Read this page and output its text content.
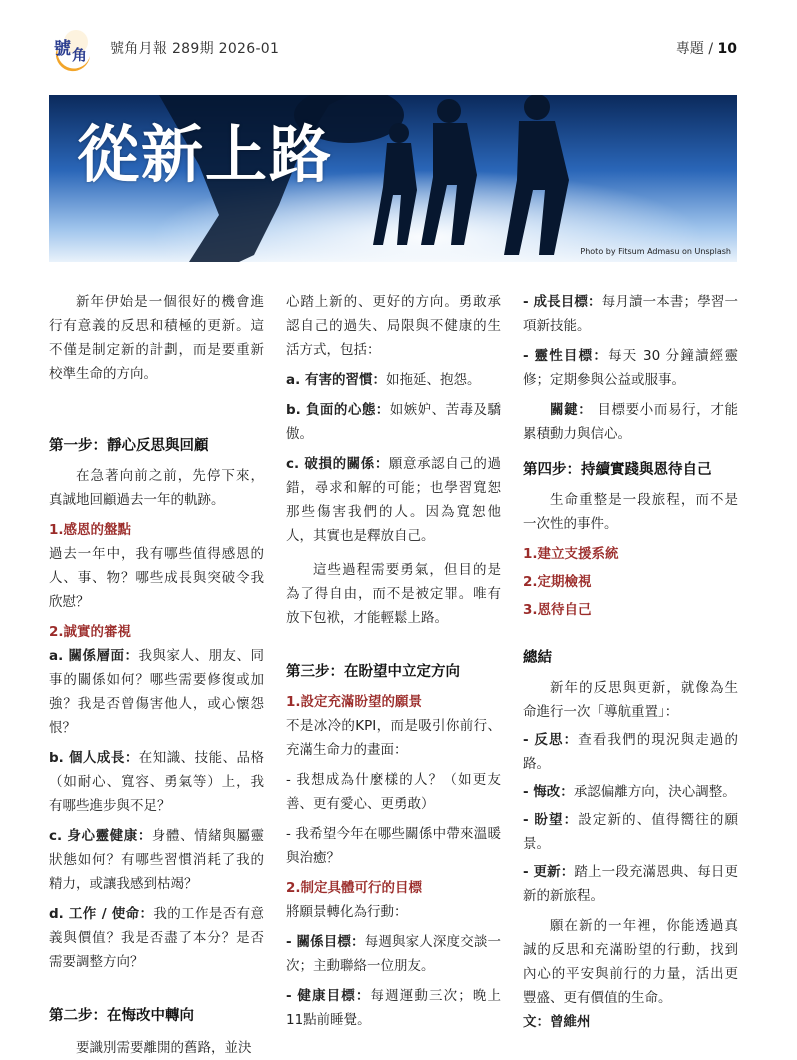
號 角 號角月報 289期 2026-01	專題 / 10
從新上路
Photo by Fitsum Admasu on Unsplash

新年伊始是一個很好的機會進行有意義的反思和積極的更新。這不僅是制定新的計劃，而是要重新校準生命的方向。

第一步：靜心反思與回顧

在急著向前之前，先停下來，真誠地回顧過去一年的軌跡。

1.感恩的盤點

過去一年中，我有哪些值得感恩的人、事、物？哪些成長與突破令我欣慰？

2.誠實的審視

a. 關係層面：我與家人、朋友、同事的關係如何？哪些需要修復或加強？我是否曾傷害他人，或心懷怨恨？

b. 個人成長：在知識、技能、品格（如耐心、寬容、勇氣等）上，我有哪些進步與不足？

c. 身心靈健康：身體、情緒與屬靈狀態如何？有哪些習慣消耗了我的精力，或讓我感到枯竭？

d. 工作 / 使命：我的工作是否有意義與價值？我是否盡了本分？是否需要調整方向？

第二步：在悔改中轉向

要識別需要離開的舊路，並決

心踏上新的、更好的方向。勇敢承認自己的過失、局限與不健康的生活方式，包括：

a. 有害的習慣：如拖延、抱怨。

b. 負面的心態：如嫉妒、苦毒及驕傲。

c. 破損的關係：願意承認自己的過錯，尋求和解的可能；也學習寬恕那些傷害我們的人。因為寬恕他人，其實也是釋放自己。

這些過程需要勇氣，但目的是為了得自由，而不是被定罪。唯有放下包袱，才能輕鬆上路。

第三步：在盼望中立定方向

1.設定充滿盼望的願景

不是冰冷的KPI，而是吸引你前行、充滿生命力的畫面：

- 我想成為什麼樣的人？（如更友善、更有愛心、更勇敢）

- 我希望今年在哪些關係中帶來溫暖與治癒？

2.制定具體可行的目標

將願景轉化為行動：

- 關係目標：每週與家人深度交談一次；主動聯絡一位朋友。

- 健康目標：每週運動三次；晚上11點前睡覺。

- 成長目標：每月讀一本書；學習一項新技能。

- 靈性目標：每天 30 分鐘讀經靈修；定期參與公益或服事。

關鍵： 目標要小而易行，才能累積動力與信心。

第四步：持續實踐與恩待自己

生命重整是一段旅程，而不是一次性的事件。

1.建立支援系統

2.定期檢視

3.恩待自己

總結

新年的反思與更新，就像為生命進行一次「導航重置」：

- 反思：查看我們的現況與走過的路。

- 悔改：承認偏離方向，決心調整。

- 盼望：設定新的、值得嚮往的願景。

- 更新：踏上一段充滿恩典、每日更新的新旅程。

願在新的一年裡，你能透過真誠的反思和充滿盼望的行動，找到內心的平安與前行的力量，活出更豐盛、更有價值的生命。

文：曾維州
